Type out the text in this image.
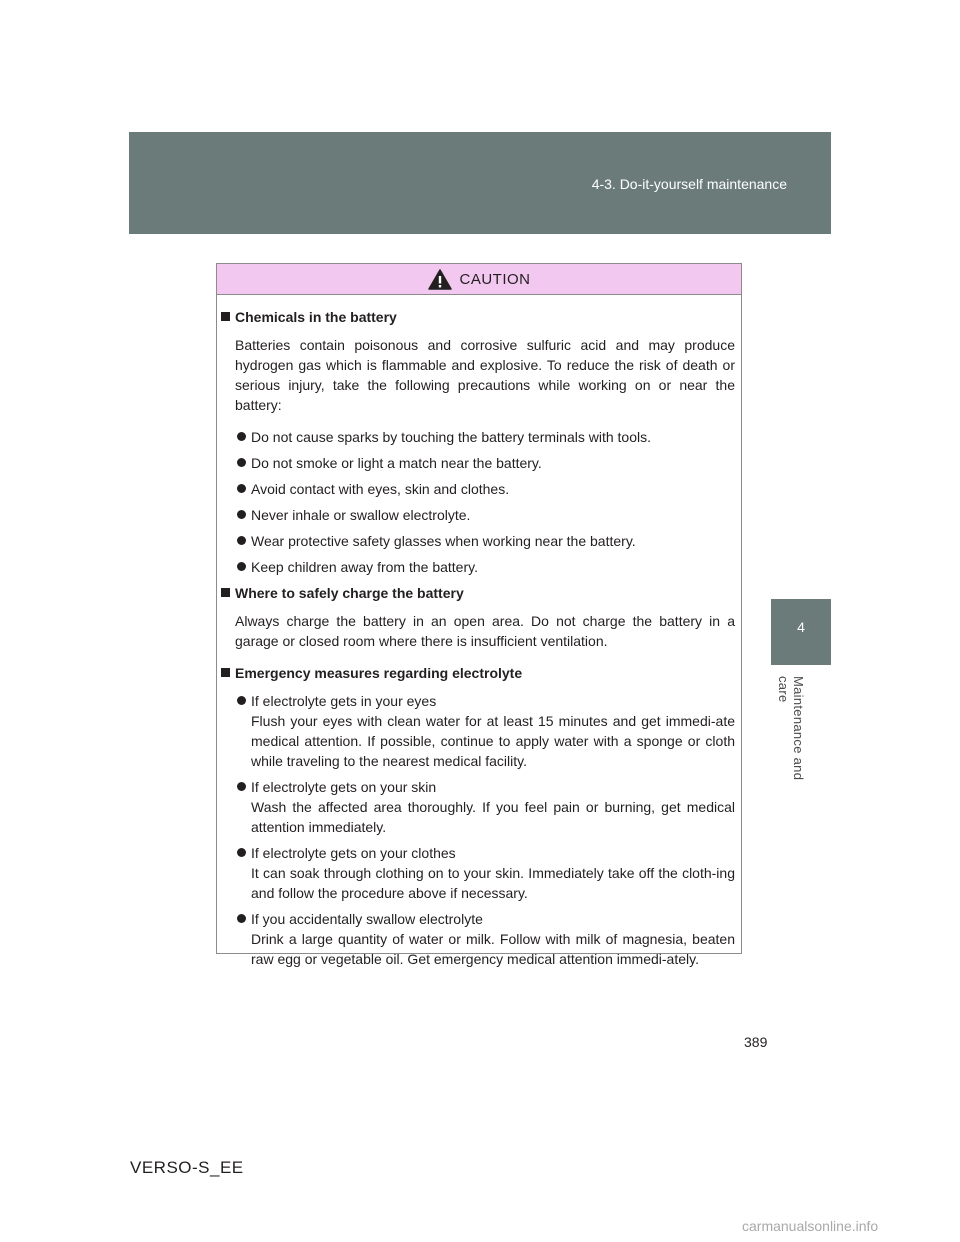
4-3. Do-it-yourself maintenance
4
Maintenance and care
CAUTION
Chemicals in the battery
Batteries contain poisonous and corrosive sulfuric acid and may produce hydrogen gas which is flammable and explosive. To reduce the risk of death or serious injury, take the following precautions while working on or near the battery:
Do not cause sparks by touching the battery terminals with tools.
Do not smoke or light a match near the battery.
Avoid contact with eyes, skin and clothes.
Never inhale or swallow electrolyte.
Wear protective safety glasses when working near the battery.
Keep children away from the battery.
Where to safely charge the battery
Always charge the battery in an open area. Do not charge the battery in a garage or closed room where there is insufficient ventilation.
Emergency measures regarding electrolyte
If electrolyte gets in your eyes
Flush your eyes with clean water for at least 15 minutes and get immedi-ate medical attention. If possible, continue to apply water with a sponge or cloth while traveling to the nearest medical facility.
If electrolyte gets on your skin
Wash the affected area thoroughly. If you feel pain or burning, get medical attention immediately.
If electrolyte gets on your clothes
It can soak through clothing on to your skin. Immediately take off the cloth-ing and follow the procedure above if necessary.
If you accidentally swallow electrolyte
Drink a large quantity of water or milk. Follow with milk of magnesia, beaten raw egg or vegetable oil. Get emergency medical attention immedi-ately.
389
VERSO-S_EE
carmanualsonline.info
